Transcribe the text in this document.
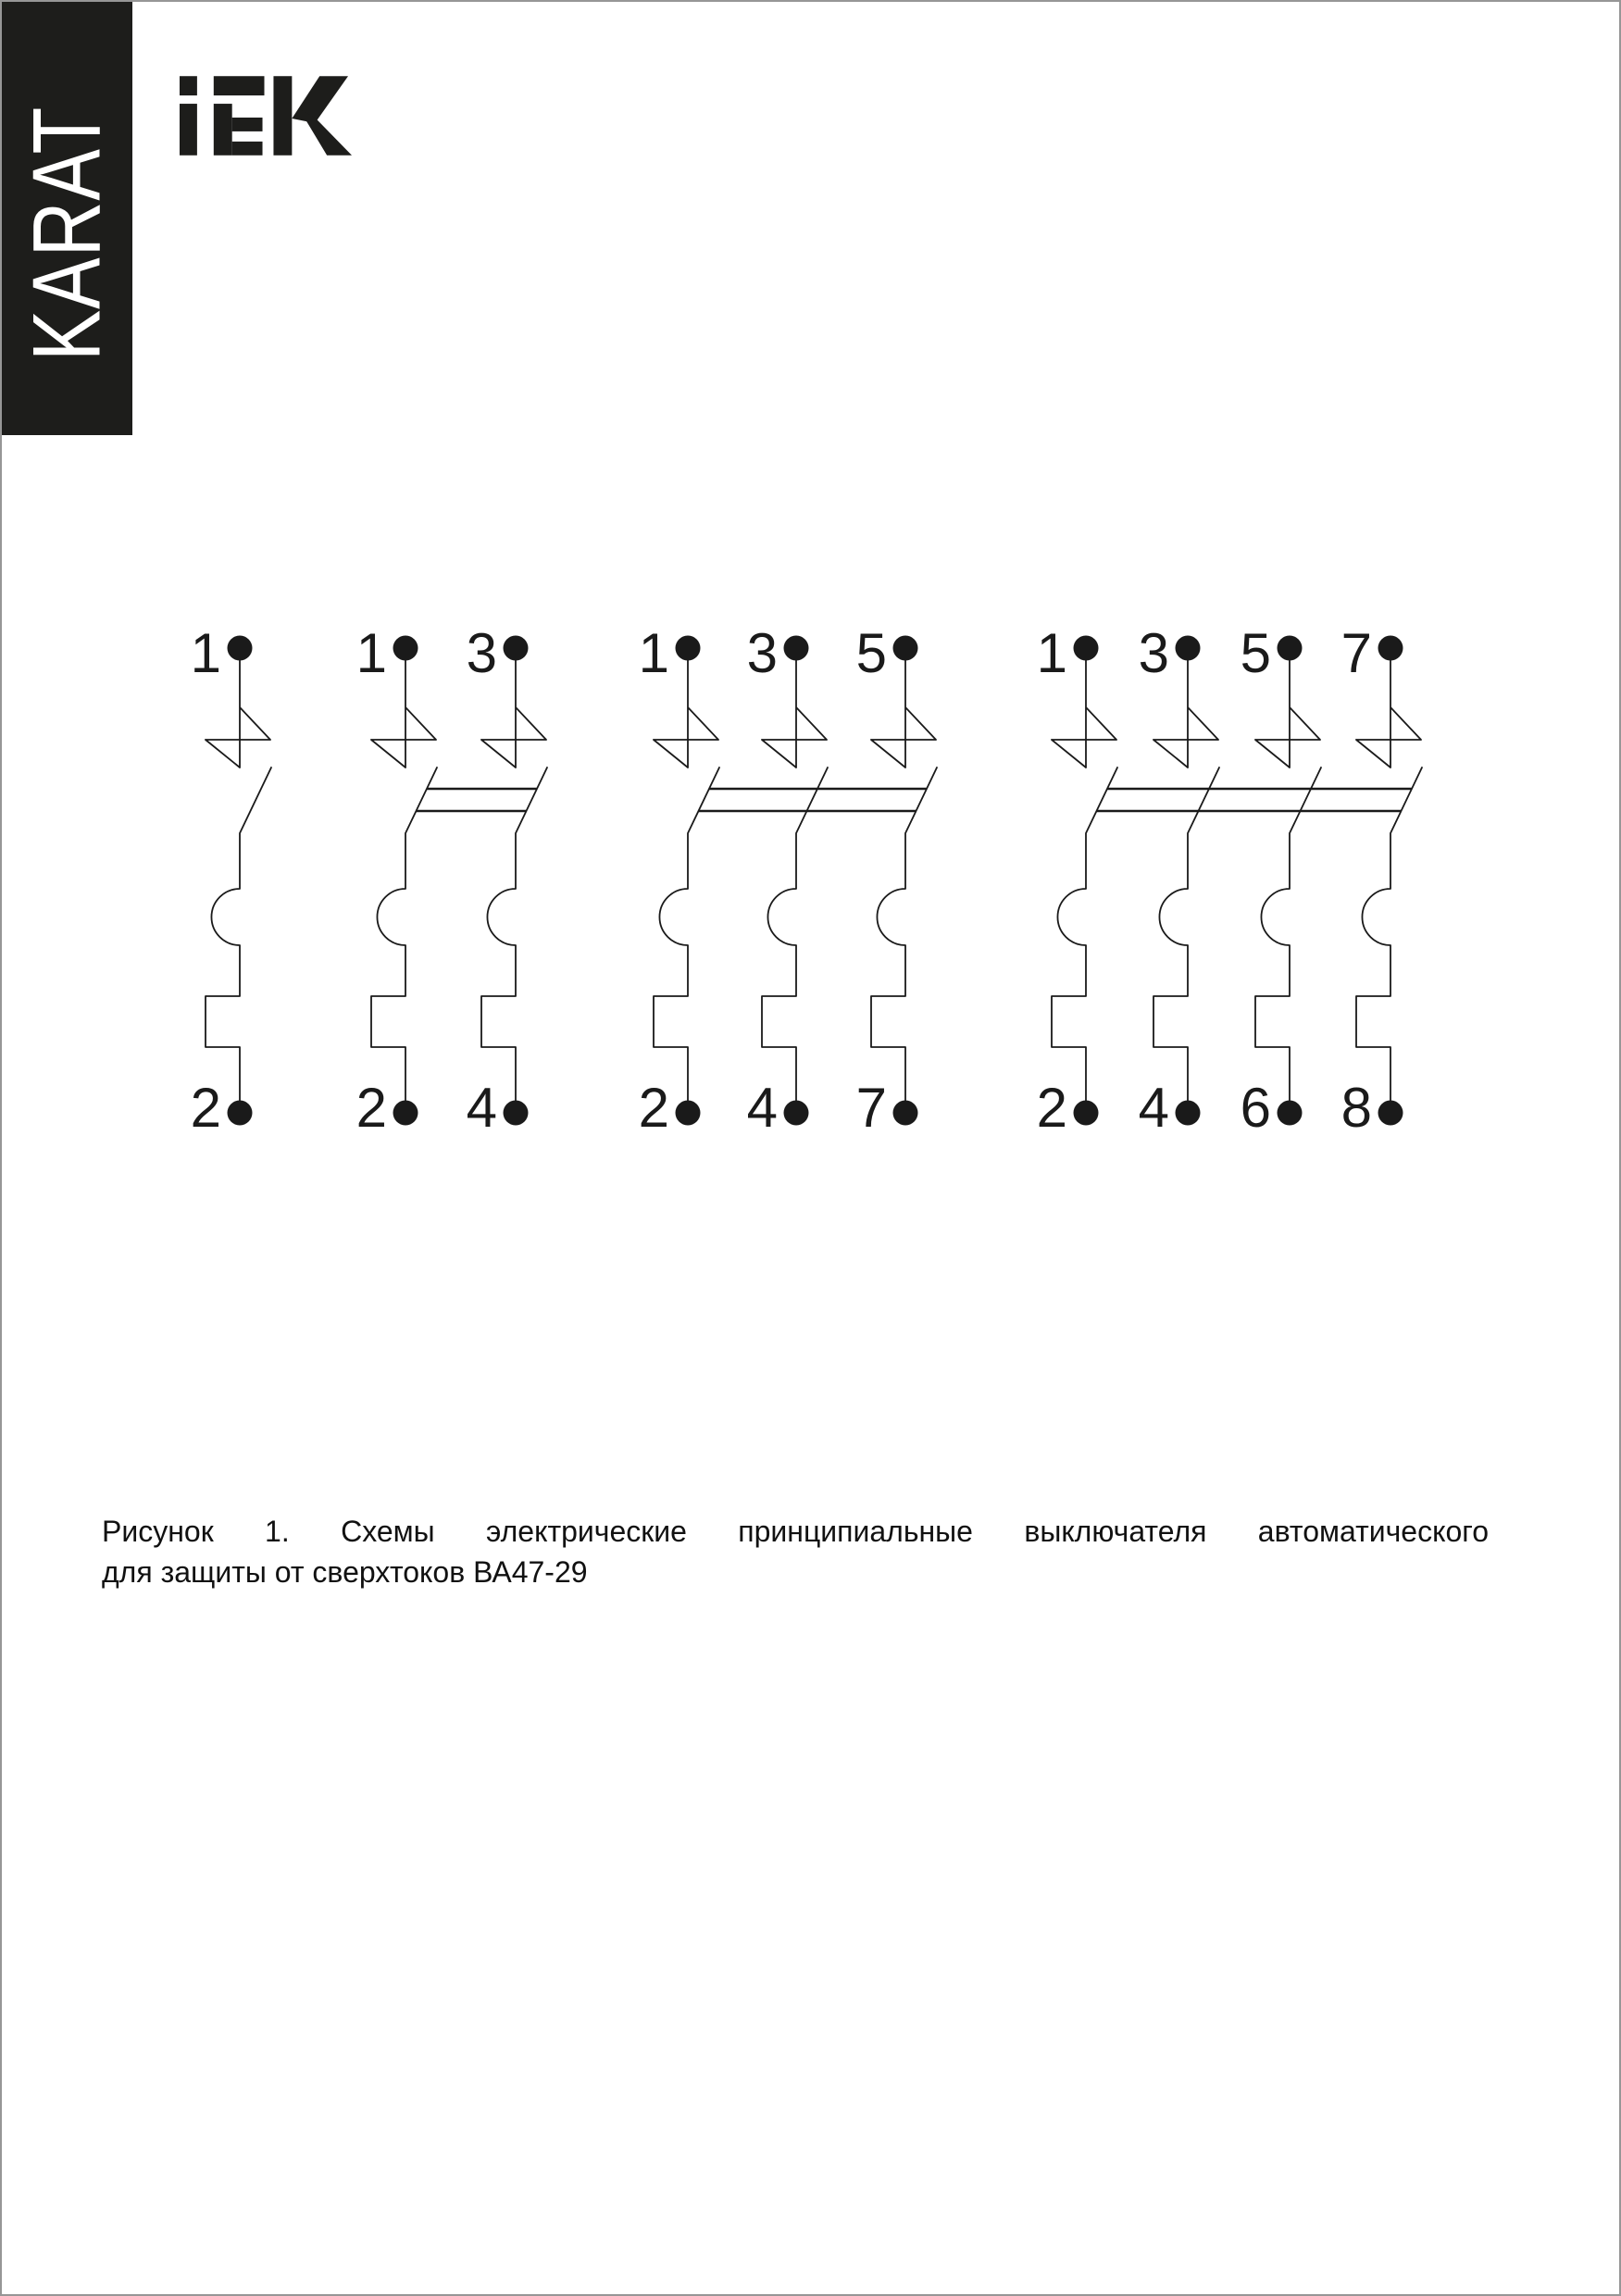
1
2
1
2
3
4
1
2
3
4
5
7
1
2
3
4
5
6
7
8
KARAT
Рисунок 1. Схемы электрические принципиальные выключателя автоматического
для защиты от сверхтоков ВА47-29
